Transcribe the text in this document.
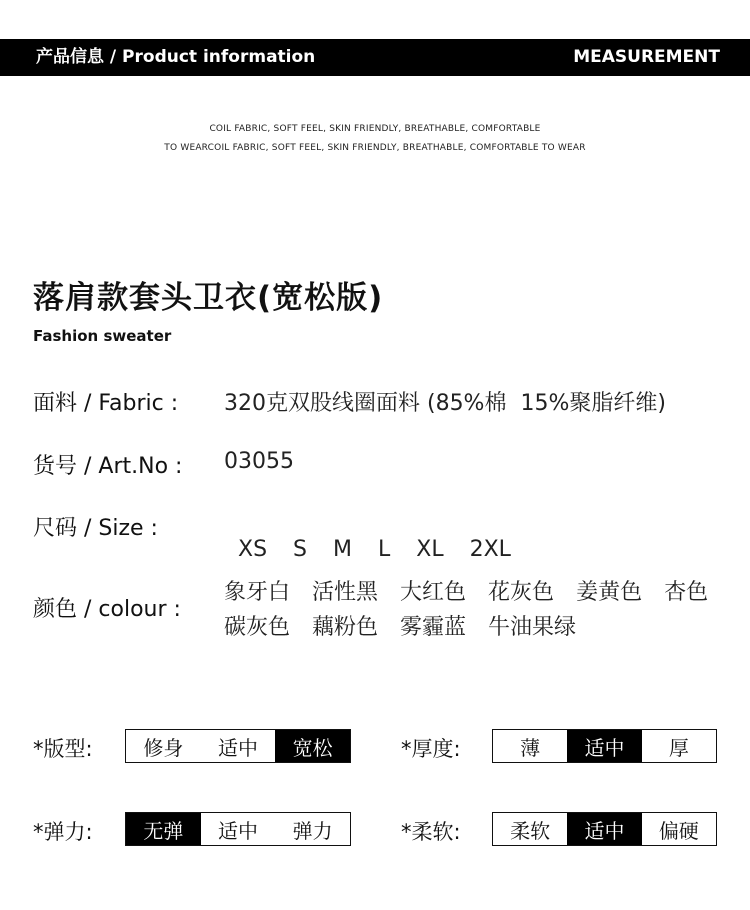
产品信息 / Product information	MEASUREMENT
COIL FABRIC, SOFT FEEL, SKIN FRIENDLY, BREATHABLE, COMFORTABLE
TO WEARCOIL FABRIC, SOFT FEEL, SKIN FRIENDLY, BREATHABLE, COMFORTABLE TO WEAR
落肩款套头卫衣(宽松版)
Fashion sweater
面料 / Fabric : 320克双股线圈面料 (85%棉  15%聚脂纤维)
货号 / Art.No : 03055
尺码 / Size :

XS S M L XL 2XL

颜色 / colour :
象牙白 活性黑 大红色 花灰色 姜黄色 杏色
碳灰色 藕粉色 雾霾蓝 牛油果绿
*版型:	修身	适中	宽松	*厚度:	薄	适中	厚
*弹力:	无弹	适中	弹力	*柔软:	柔软	适中	偏硬
